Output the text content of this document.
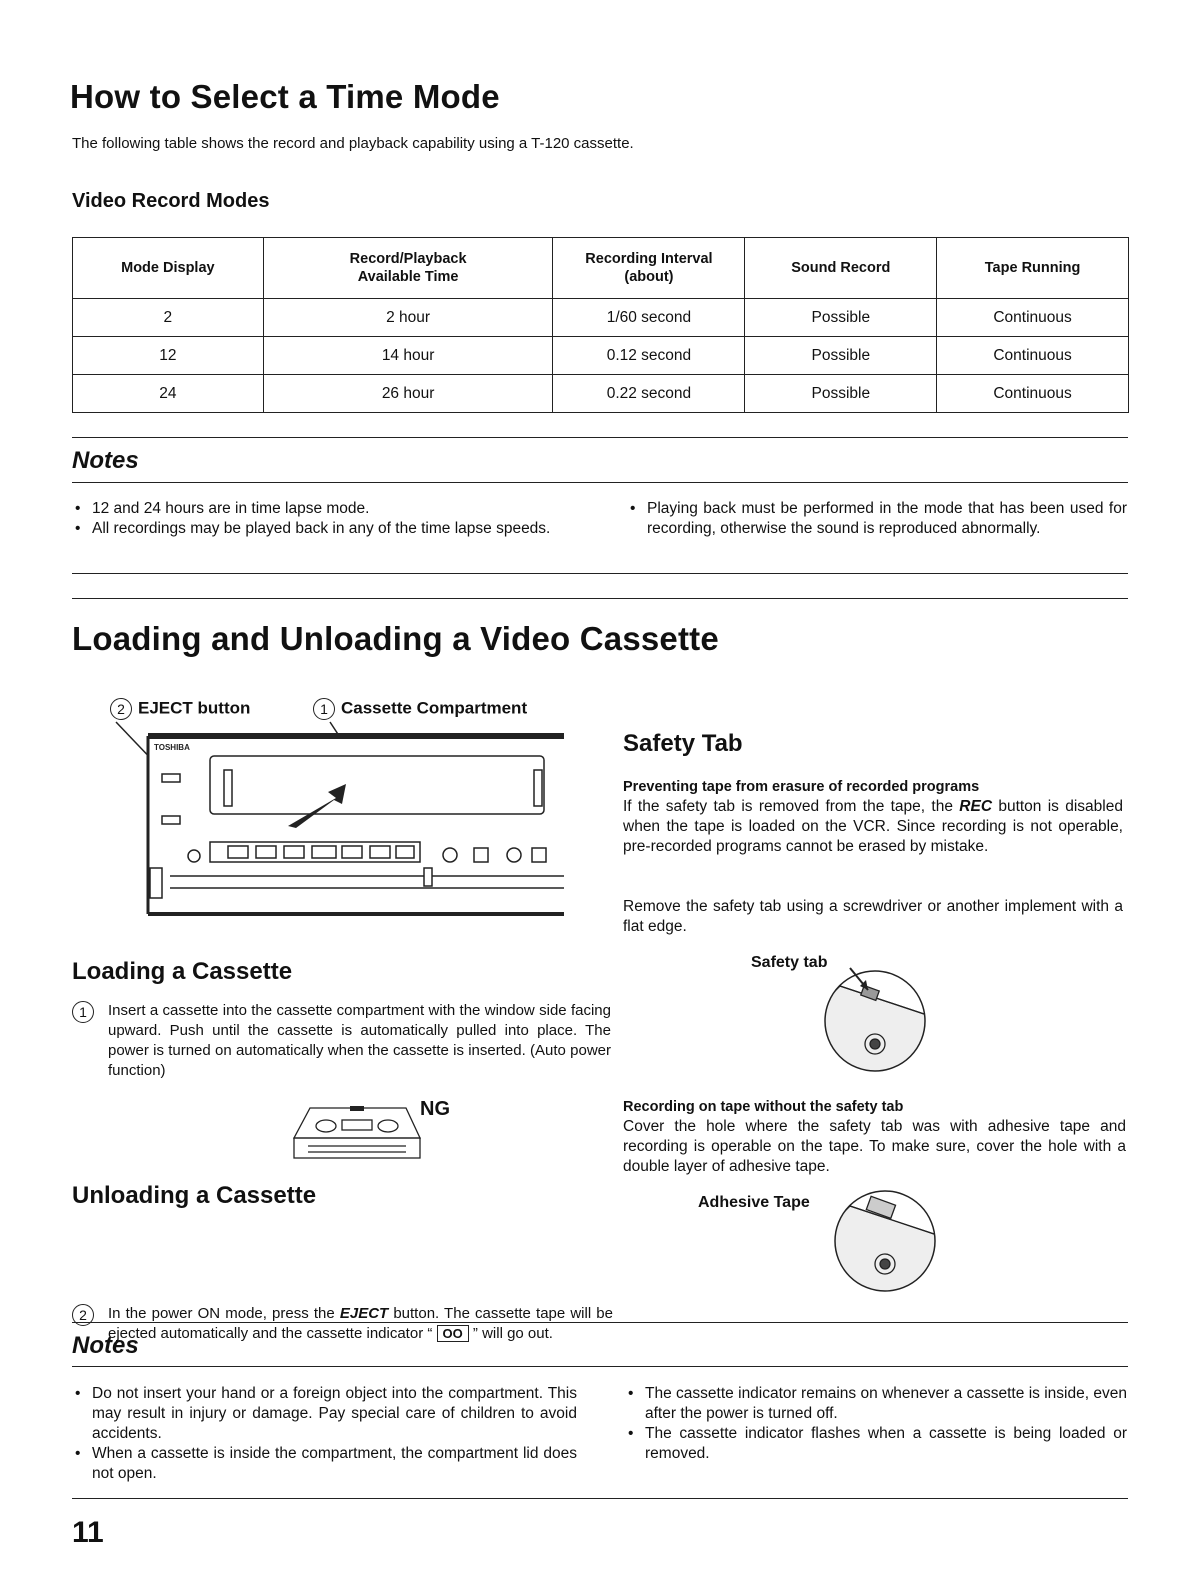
How to Select a Time Mode
The following table shows the record and playback capability using a T-120 cassette.
Video Record Modes
Mode Display	Record/Playback Available Time	Recording Interval (about)	Sound Record	Tape Running
2	2 hour	1/60 second	Possible	Continuous
12	14 hour	0.12 second	Possible	Continuous
24	26 hour	0.22 second	Possible	Continuous
Notes
• 12 and 24 hours are in time lapse mode.
• All recordings may be played back in any of the time lapse speeds.
• Playing back must be performed in the mode that has been used for recording, otherwise the sound is reproduced abnormally.
Loading and Unloading a Video Cassette
2 EJECT button	1 Cassette Compartment
TOSHIBA
Loading a Cassette
1	Insert a cassette into the cassette compartment with the window side facing upward. Push until the cassette is automatically pulled into place. The power is turned on automatically when the cassette is inserted. (Auto power function)
NG
Unloading a Cassette
2	In the power ON mode, press the EJECT button. The cassette tape will be ejected automatically and the cassette indicator “ OO ” will go out.
Safety Tab
Preventing tape from erasure of recorded programs
If the safety tab is removed from the tape, the REC button is disabled when the tape is loaded on the VCR. Since recording is not operable, pre-recorded programs cannot be erased by mistake.
Remove the safety tab using a screwdriver or another implement with a flat edge.
Safety tab
Recording on tape without the safety tab
Cover the hole where the safety tab was with adhesive tape and recording is operable on the tape. To make sure, cover the hole with a double layer of adhesive tape.
Adhesive Tape
Notes
• Do not insert your hand or a foreign object into the compartment. This may result in injury or damage. Pay special care of children to avoid accidents.
• When a cassette is inside the compartment, the compartment lid does not open.
• The cassette indicator remains on whenever a cassette is inside, even after the power is turned off.
• The cassette indicator flashes when a cassette is being loaded or removed.
11
